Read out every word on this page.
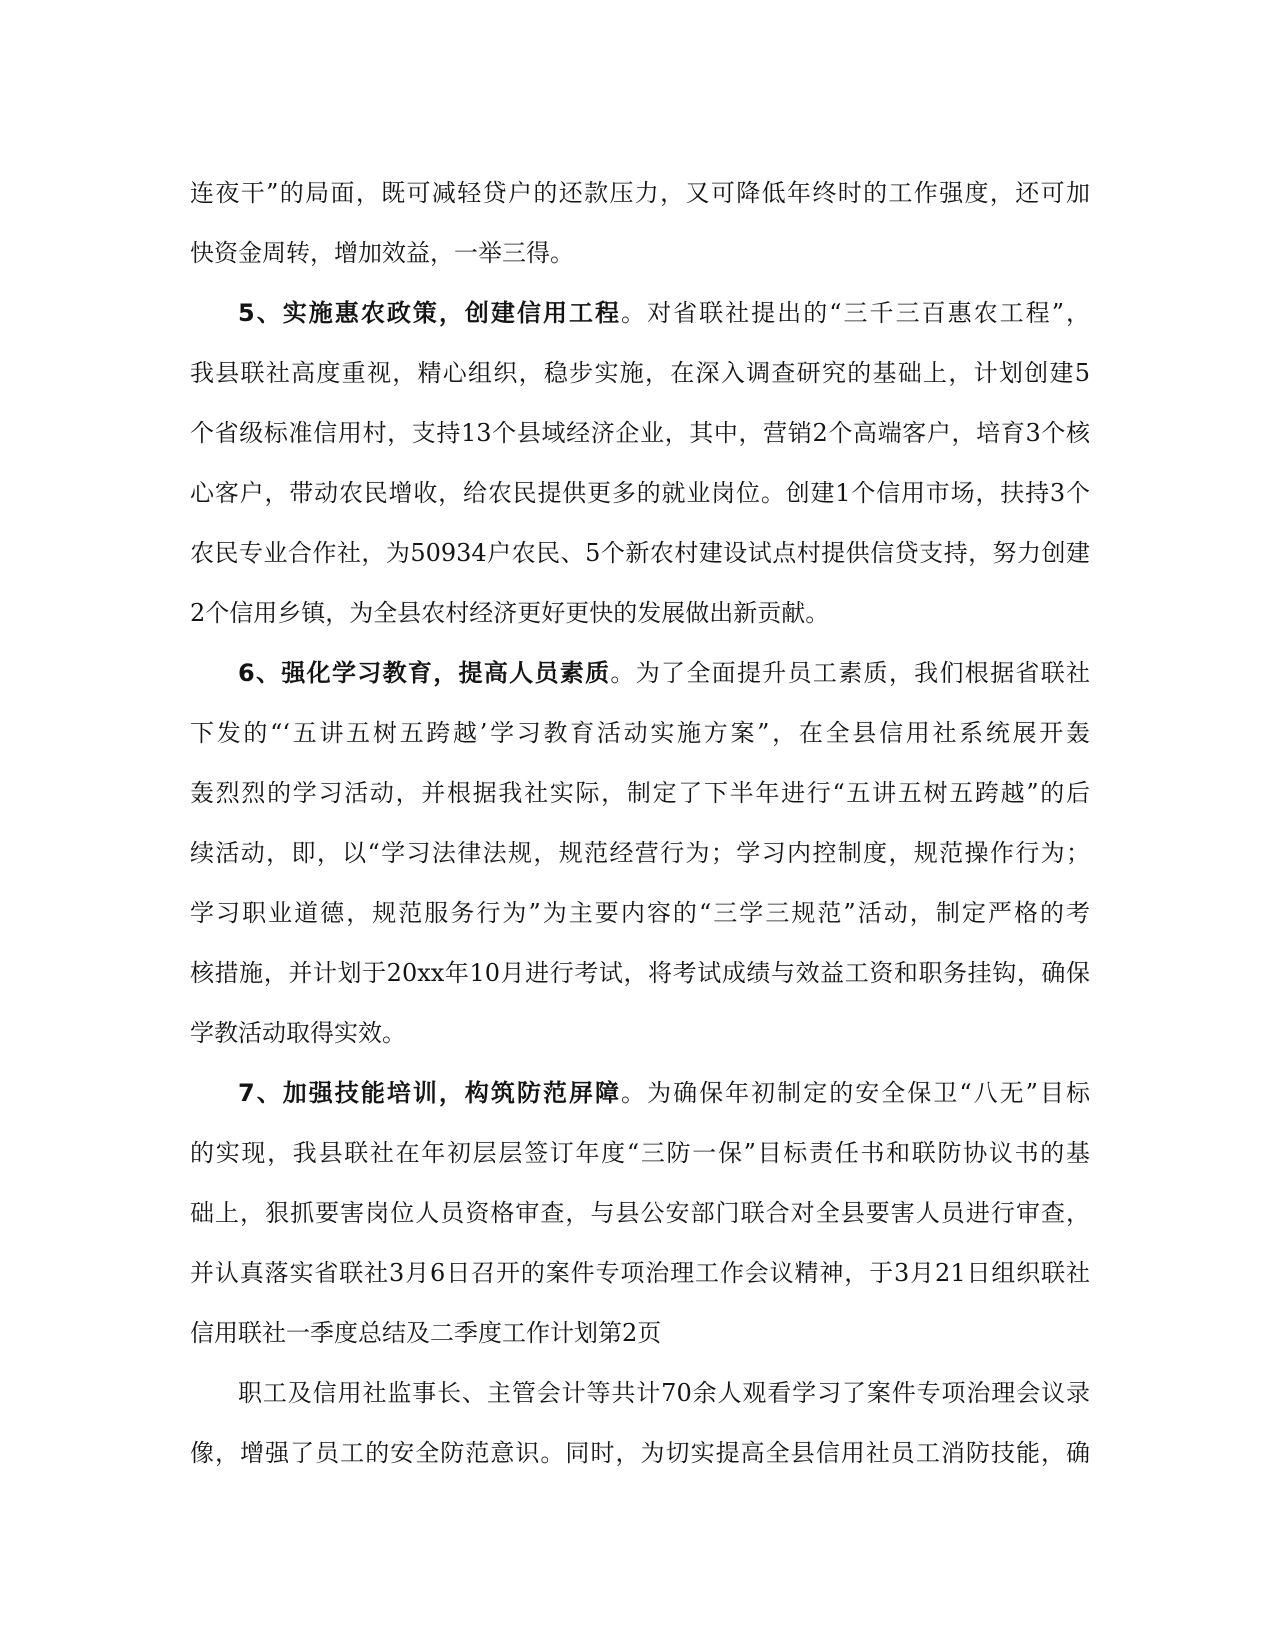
连夜干”的局面，既可减轻贷户的还款压力，又可降低年终时的工作强度，还可加
快资金周转，增加效益，一举三得。
5、实施惠农政策，创建信用工程。对省联社提出的“三千三百惠农工程”，
我县联社高度重视，精心组织，稳步实施，在深入调查研究的基础上，计划创建5
个省级标准信用村，支持13个县域经济企业，其中，营销2个高端客户，培育3个核
心客户，带动农民增收，给农民提供更多的就业岗位。创建1个信用市场，扶持3个
农民专业合作社，为50934户农民、5个新农村建设试点村提供信贷支持，努力创建
2个信用乡镇，为全县农村经济更好更快的发展做出新贡献。
6、强化学习教育，提高人员素质。为了全面提升员工素质，我们根据省联社
下发的“‘五讲五树五跨越’学习教育活动实施方案”，在全县信用社系统展开轰
轰烈烈的学习活动，并根据我社实际，制定了下半年进行“五讲五树五跨越”的后
续活动，即，以“学习法律法规，规范经营行为；学习内控制度，规范操作行为；
学习职业道德，规范服务行为”为主要内容的“三学三规范”活动，制定严格的考
核措施，并计划于20xx年10月进行考试，将考试成绩与效益工资和职务挂钩，确保
学教活动取得实效。
7、加强技能培训，构筑防范屏障。为确保年初制定的安全保卫“八无”目标
的实现，我县联社在年初层层签订年度“三防一保”目标责任书和联防协议书的基
础上，狠抓要害岗位人员资格审查，与县公安部门联合对全县要害人员进行审查，
并认真落实省联社3月6日召开的案件专项治理工作会议精神，于3月21日组织联社
信用联社一季度总结及二季度工作计划第2页
职工及信用社监事长、主管会计等共计70余人观看学习了案件专项治理会议录
像，增强了员工的安全防范意识。同时，为切实提高全县信用社员工消防技能，确
